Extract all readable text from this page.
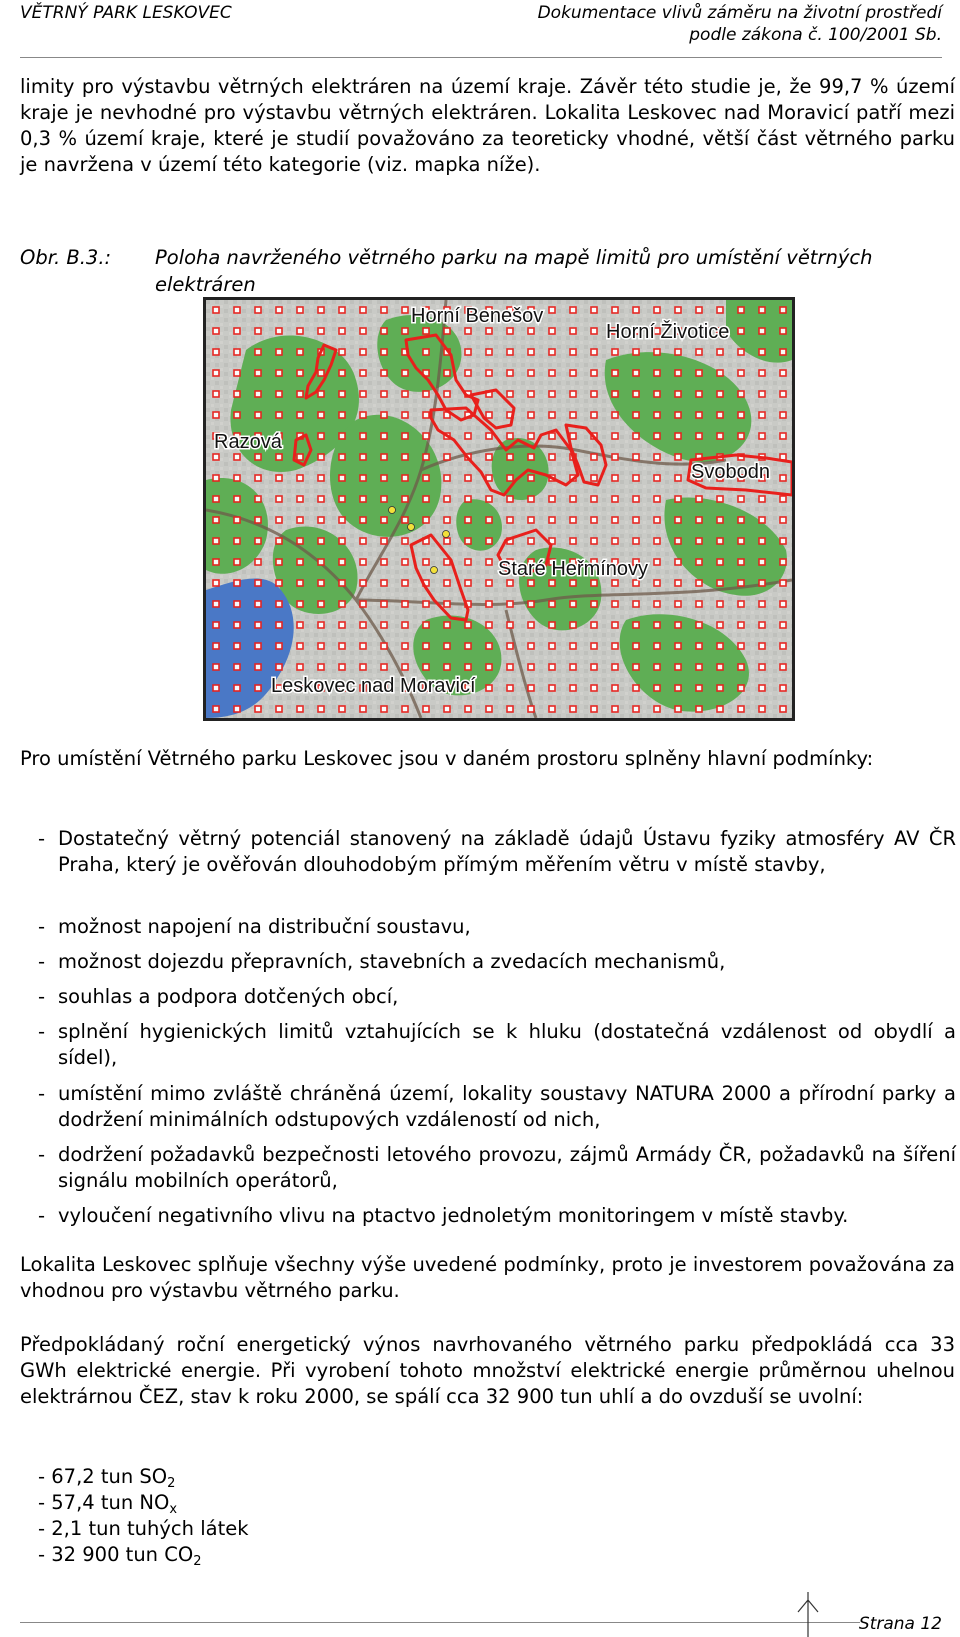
VĚTRNÝ PARK LESKOVEC	Dokumentace vlivů záměru na životní prostředí
podle zákona č. 100/2001 Sb.
limity pro výstavbu větrných elektráren na území kraje. Závěr této studie je, že 99,7 % území kraje je nevhodné pro výstavbu větrných elektráren. Lokalita Leskovec nad Moravicí patří mezi 0,3 % území kraje, které je studií považováno za teoreticky vhodné, větší část větrného parku je navržena v území této kategorie (viz. mapka níže).
Obr. B.3.: Poloha navrženého větrného parku na mapě limitů pro umístění větrných elektráren
Horní Benešov
Horní Životice
Razová
Svobodn
Staré Heřmínovy
Leskovec nad Moravicí
Pro umístění Větrného parku Leskovec jsou v daném prostoru splněny hlavní podmínky:
- Dostatečný větrný potenciál stanovený na základě údajů Ústavu fyziky atmosféry AV ČR Praha, který je ověřován dlouhodobým přímým měřením větru v místě stavby,
- možnost napojení na distribuční soustavu,
- možnost dojezdu přepravních, stavebních a zvedacích mechanismů,
- souhlas a podpora dotčených obcí,
- splnění hygienických limitů vztahujících se k hluku (dostatečná vzdálenost od obydlí a sídel),
- umístění mimo zvláště chráněná území, lokality soustavy NATURA 2000 a přírodní parky a dodržení minimálních odstupových vzdáleností od nich,
- dodržení požadavků bezpečnosti letového provozu, zájmů Armády ČR, požadavků na šíření signálu mobilních operátorů,
- vyloučení negativního vlivu na ptactvo jednoletým monitoringem v místě stavby.
Lokalita Leskovec splňuje všechny výše uvedené podmínky, proto je investorem považována za vhodnou pro výstavbu větrného parku.
Předpokládaný roční energetický výnos navrhovaného větrného parku předpokládá cca 33 GWh elektrické energie. Při vyrobení tohoto množství elektrické energie průměrnou uhelnou elektrárnou ČEZ, stav k roku 2000, se spálí cca 32 900 tun uhlí a do ovzduší se uvolní:
- 67,2 tun $SO_2$
- 57,4 tun $NO_x$
- 2,1 tun tuhých látek
- 32 900 tun $CO_2$
Strana 12
